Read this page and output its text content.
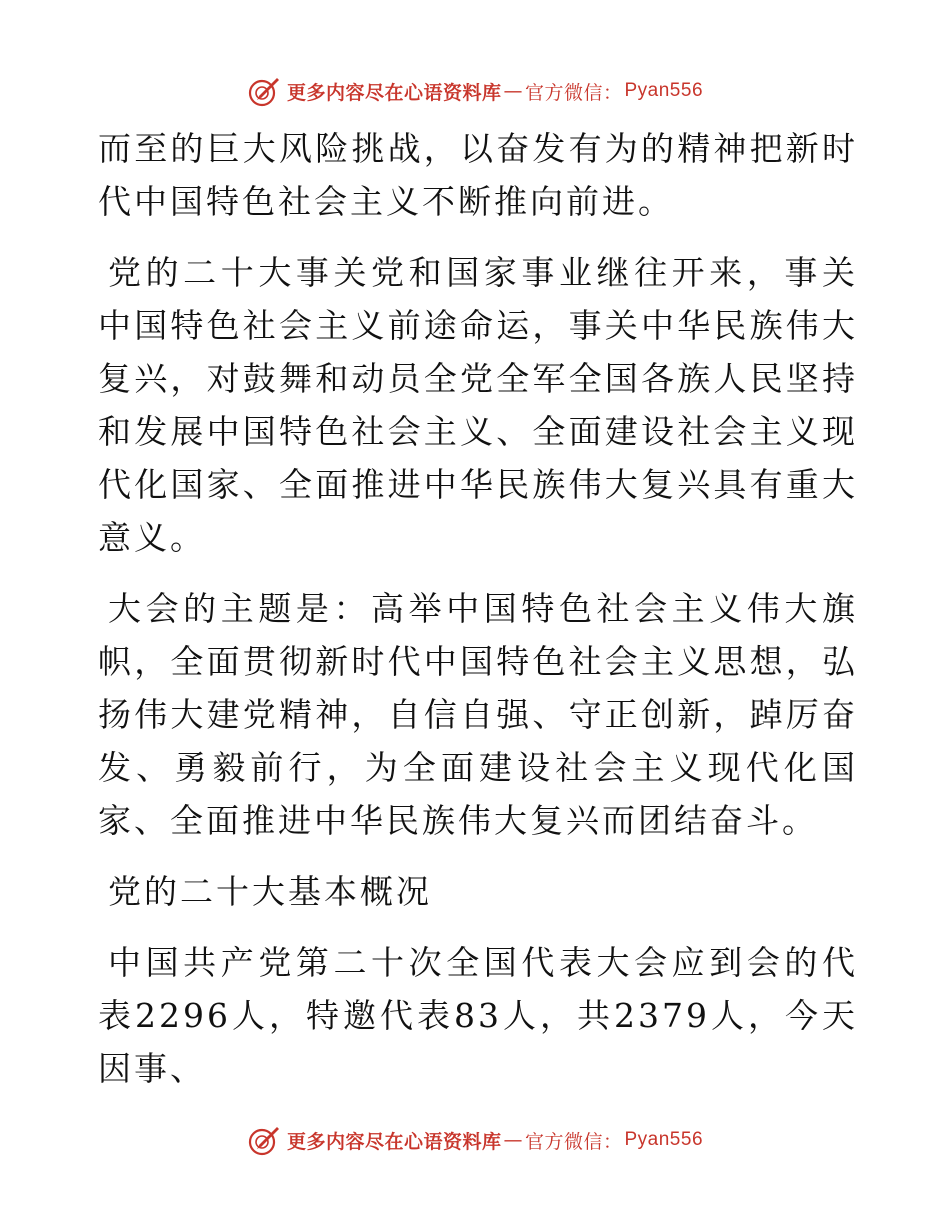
更多内容尽在心语资料库 — 官方微信： Pyan556

而至的巨大风险挑战，以奋发有为的精神把新时代中国特色社会主义不断推向前进。

党的二十大事关党和国家事业继往开来，事关中国特色社会主义前途命运，事关中华民族伟大复兴，对鼓舞和动员全党全军全国各族人民坚持和发展中国特色社会主义、全面建设社会主义现代化国家、全面推进中华民族伟大复兴具有重大意义。

大会的主题是：高举中国特色社会主义伟大旗帜，全面贯彻新时代中国特色社会主义思想，弘扬伟大建党精神，自信自强、守正创新，踔厉奋发、勇毅前行，为全面建设社会主义现代化国家、全面推进中华民族伟大复兴而团结奋斗。

党的二十大基本概况

中国共产党第二十次全国代表大会应到会的代表2296人，特邀代表83人，共2379人，今天因事、

更多内容尽在心语资料库 — 官方微信： Pyan556
